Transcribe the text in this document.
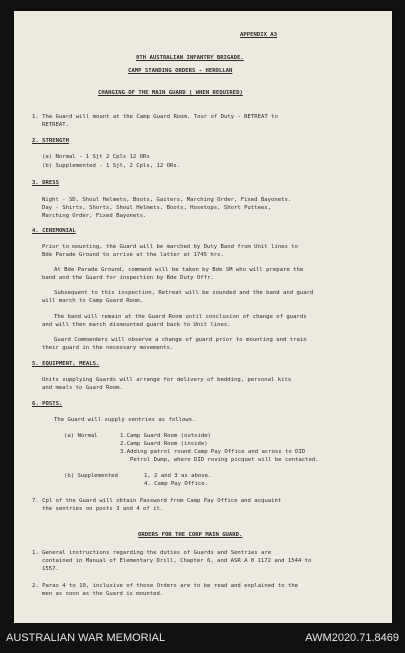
APPENDIX A3
9TH AUSTRALIAN INFANTRY BRIGADE.
CAMP STANDING ORDERS - HEROLLAN
CHANGING OF THE MAIN GUARD ( WHEN REQUIRED)
1. The Guard will mount at the Camp Guard Room. Tour of Duty - RETREAT to
RETREAT.
2. STRENGTH
(a) Normal - 1 Sjt 2 Cpls 12 ORs
(b) Supplemented - 1 Sjt, 2 Cpls, 12 ORs.
3. DRESS
Night - SD, Shoul Helmets, Boots, Gaiters, Marching Order, Fixed Bayonets.
Day - Shirts, Shorts, Shoul Helmets, Boots, Hosetops, Short Puttees,
Marching Order, Fixed Bayonets.
4. CEREMONIAL
Prior to mounting, the Guard will be marched by Duty Band from Unit lines to
Bde Parade Ground to arrive at the latter at 1745 hrs.
At Bde Parade Ground, command will be taken by Bde SM who will prepare the
band and the Guard for inspection by Bde Duty Offr.
Subsequent to this inspection, Retreat will be sounded and the band and guard
will march to Camp Guard Room.
The band will remain at the Guard Room until conclusion of change of guards
and will then march dismounted guard back to Unit lines.
Guard Commanders will observe a change of guard prior to mounting and train
their guard in the necessary movements.
5. EQUIPMENT, MEALS.
Units supplying Guards will arrange for delivery of bedding, personal kits
and meals to Guard Room.
6. POSTS.
The Guard will supply sentries as follows.
(a) Normal	1.Camp Guard Room (outside)
2.Camp Guard Room (inside)
3.Adding patrol round Camp Pay Office and across to DID
Petrol Dump, where DID roving picquet will be contacted.
(b) Supplemented	1, 2 and 3 as above.
4. Camp Pay Office.
7. Cpl of the Guard will obtain Password from Camp Pay Office and acquaint
the sentries on posts 3 and 4 of it.
ORDERS FOR THE CORP MAIN GUARD.
1. General instructions regarding the duties of Guards and Sentries are
contained in Manual of Elementary Drill, Chapter 6, and ASR A 0 1172 and 1544 to
1557.
2. Paras 4 to 10, inclusive of those Orders are to be read and explained to the
men as soon as the Guard is mounted.
AUSTRALIAN WAR MEMORIAL	AWM2020.71.8469
